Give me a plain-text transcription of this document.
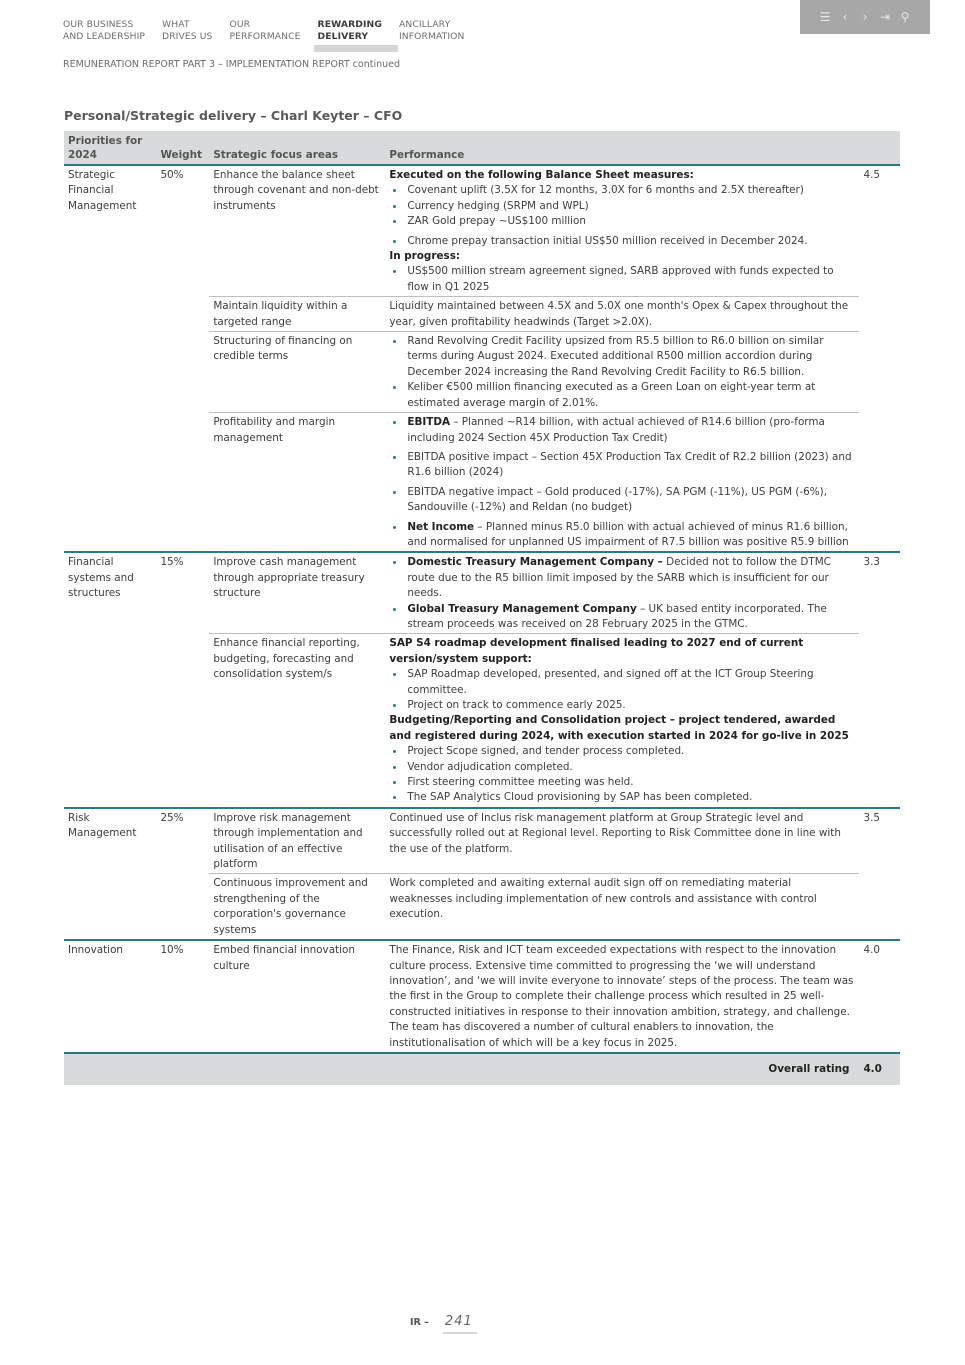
OUR BUSINESS
AND LEADERSHIP
WHAT
DRIVES US
OUR
PERFORMANCE
REWARDING
DELIVERY
ANCILLARY
INFORMATION
☰ ‹ › ⇥ ⚲
REMUNERATION REPORT PART 3 – IMPLEMENTATION REPORT continued
Personal/Strategic delivery – Charl Keyter – CFO
Priorities for 2024	Weight	Strategic focus areas	Performance	
Strategic Financial Management	50%	Enhance the balance sheet through covenant and non-debt instruments	
Executed on the following Balance Sheet measures:
Covenant uplift (3.5X for 12 months, 3.0X for 6 months and 2.5X thereafter)
Currency hedging (SRPM and WPL)
ZAR Gold prepay ~US$100 million
Chrome prepay transaction initial US$50 million received in December 2024.
In progress:
US$500 million stream agreement signed, SARB approved with funds expected to flow in Q1 2025
	4.5
		Maintain liquidity within a targeted range	Liquidity maintained between 4.5X and 5.0X one month's Opex & Capex throughout the year, given profitability headwinds (Target >2.0X).	

Structuring of financing on credible terms	
Rand Revolving Credit Facility upsized from R5.5 billion to R6.0 billion on similar terms during August 2024. Executed additional R500 million accordion during December 2024 increasing the Rand Revolving Credit Facility to R6.5 billion.
Keliber €500 million financing executed as a Green Loan on eight-year term at estimated average margin of 2.01%.

Profitability and margin management	
EBITDA – Planned ~R14 billion, with actual achieved of R14.6 billion (pro-forma including 2024 Section 45X Production Tax Credit)
EBITDA positive impact – Section 45X Production Tax Credit of R2.2 billion (2023) and R1.6 billion (2024)
EBITDA negative impact – Gold produced (-17%), SA PGM (-11%), US PGM (-6%), Sandouville (-12%) and Reldan (no budget)
Net Income – Planned minus R5.0 billion with actual achieved of minus R1.6 billion, and normalised for unplanned US impairment of R7.5 billion was positive R5.9 billion

Financial systems and structures	15%	Improve cash management through appropriate treasury structure	
Domestic Treasury Management Company – Decided not to follow the DTMC route due to the R5 billion limit imposed by the SARB which is insufficient for our needs.
Global Treasury Management Company – UK based entity incorporated. The stream proceeds was received on 28 February 2025 in the GTMC.
	3.3
Enhance financial reporting, budgeting, forecasting and consolidation system/s	
SAP S4 roadmap development finalised leading to 2027 end of current version/system support:
SAP Roadmap developed, presented, and signed off at the ICT Group Steering committee.
Project on track to commence early 2025.
Budgeting/Reporting and Consolidation project – project tendered, awarded and registered during 2024, with execution started in 2024 for go-live in 2025
Project Scope signed, and tender process completed.
Vendor adjudication completed.
First steering committee meeting was held.
The SAP Analytics Cloud provisioning by SAP has been completed.

Risk Management	25%	Improve risk management through implementation and utilisation of an effective platform	Continued use of Inclus risk management platform at Group Strategic level and successfully rolled out at Regional level. Reporting to Risk Committee done in line with the use of the platform.	3.5
		Continuous improvement and strengthening of the corporation's governance systems	Work completed and awaiting external audit sign off on remediating material weaknesses including implementation of new controls and assistance with control execution.	

Innovation	10%	Embed financial innovation culture	The Finance, Risk and ICT team exceeded expectations with respect to the innovation culture process. Extensive time committed to progressing the ‘we will understand innovation’, and ‘we will invite everyone to innovate’ steps of the process. The team was the first in the Group to complete their challenge process which resulted in 25 well-constructed initiatives in response to their innovation ambition, strategy, and challenge. The team has discovered a number of cultural enablers to innovation, the institutionalisation of which will be a key focus in 2025.	4.0
Overall rating				4.0
IR – 241
